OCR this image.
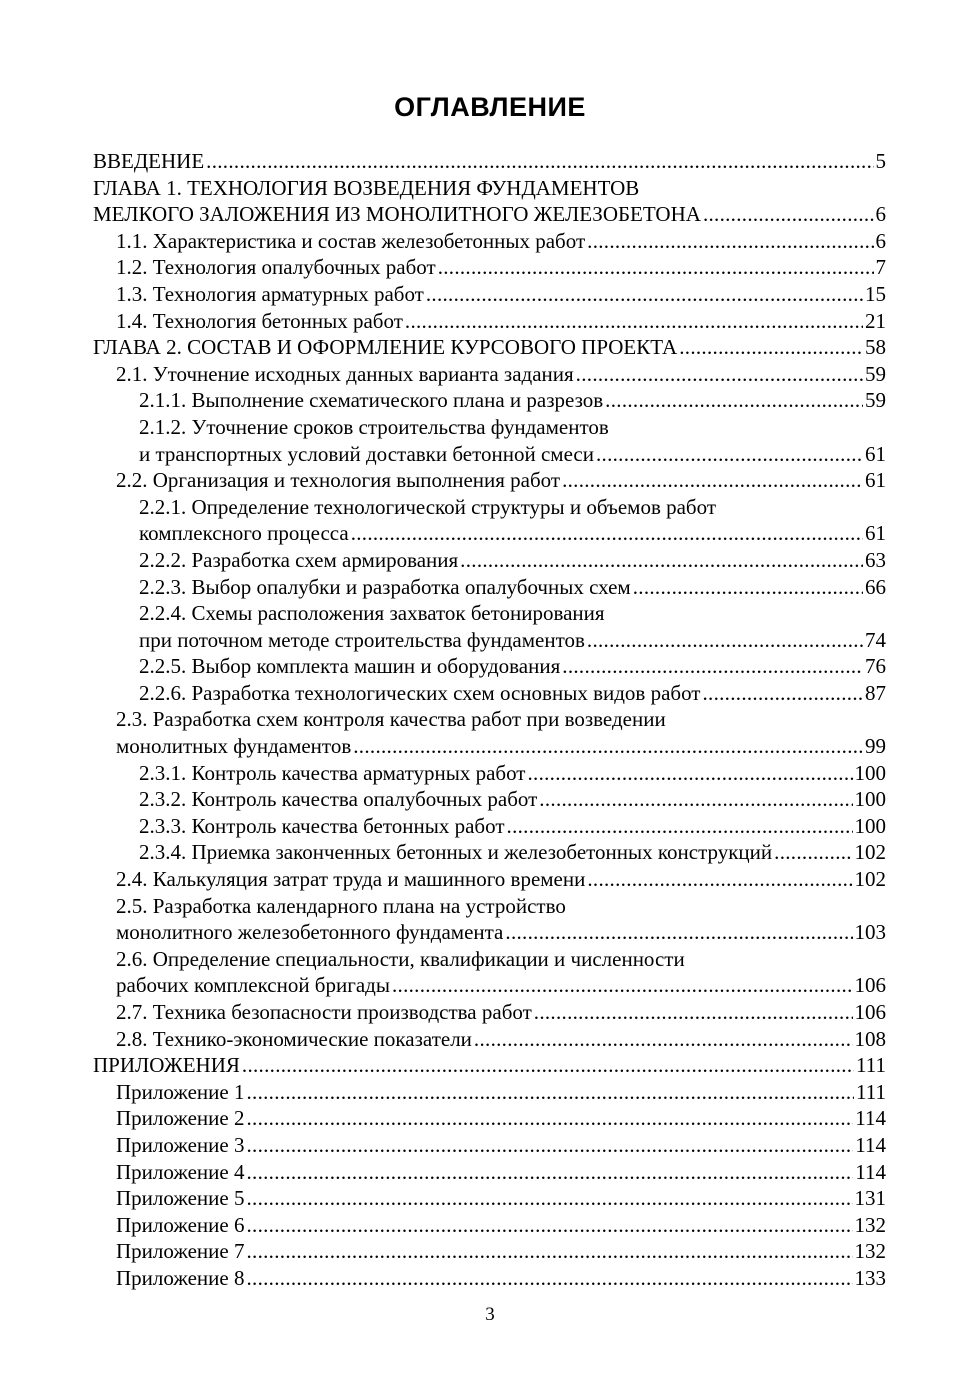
ОГЛАВЛЕНИЕ
ВВЕДЕНИЕ .....	5
ГЛАВА 1. ТЕХНОЛОГИЯ ВОЗВЕДЕНИЯ ФУНДАМЕНТОВ
МЕЛКОГО ЗАЛОЖЕНИЯ ИЗ МОНОЛИТНОГО ЖЕЛЕЗОБЕТОНА .....	6
1.1. Характеристика и состав железобетонных работ .....	6
1.2. Технология опалубочных работ .....	7
1.3. Технология арматурных работ .....	15
1.4. Технология бетонных работ .....	21
ГЛАВА 2. СОСТАВ И ОФОРМЛЕНИЕ КУРСОВОГО ПРОЕКТА .....	58
2.1. Уточнение исходных данных варианта задания .....	59
2.1.1. Выполнение схематического плана и разрезов .....	59
2.1.2. Уточнение сроков строительства фундаментов
и транспортных условий доставки бетонной смеси .....	61
2.2. Организация и технология выполнения работ .....	61
2.2.1. Определение технологической структуры и объемов работ
комплексного процесса .....	61
2.2.2. Разработка схем армирования .....	63
2.2.3. Выбор опалубки и разработка опалубочных схем .....	66
2.2.4. Схемы расположения захваток бетонирования
при поточном методе строительства фундаментов .....	74
2.2.5. Выбор комплекта машин и оборудования .....	76
2.2.6. Разработка технологических схем основных видов работ .....	87
2.3. Разработка схем контроля качества работ при возведении
монолитных фундаментов .....	99
2.3.1. Контроль качества арматурных работ .....	100
2.3.2. Контроль качества опалубочных работ .....	100
2.3.3. Контроль качества бетонных работ .....	100
2.3.4. Приемка законченных бетонных и железобетонных конструкций .....	102
2.4. Калькуляция затрат труда и машинного времени .....	102
2.5. Разработка календарного плана на устройство
монолитного железобетонного фундамента .....	103
2.6. Определение специальности, квалификации и численности
рабочих комплексной бригады .....	106
2.7. Техника безопасности производства работ .....	106
2.8. Технико-экономические показатели .....	108
ПРИЛОЖЕНИЯ .....	111
Приложение 1 .....	111
Приложение 2 .....	114
Приложение 3 .....	114
Приложение 4 .....	114
Приложение 5 .....	131
Приложение 6 .....	132
Приложение 7 .....	132
Приложение 8 .....	133
3
